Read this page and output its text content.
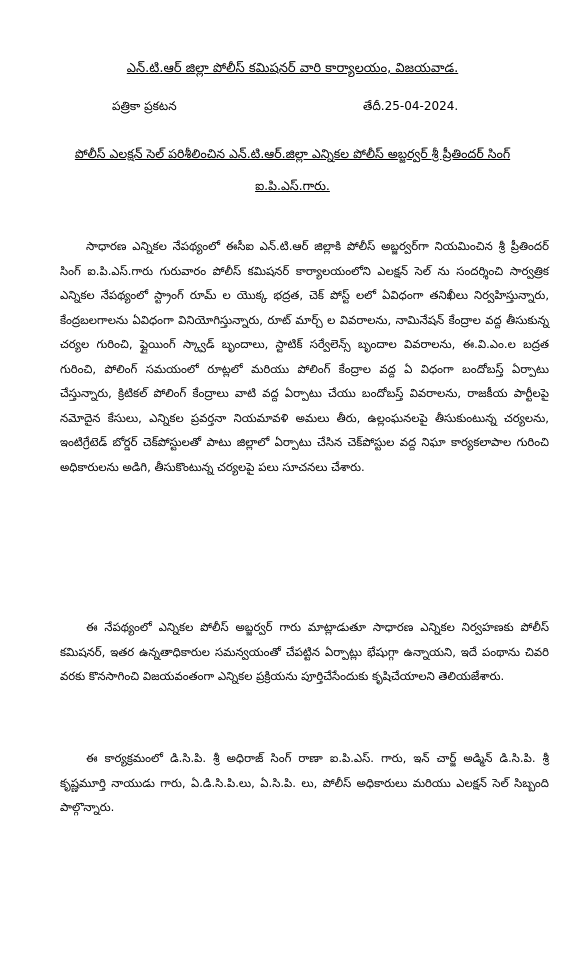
ఎన్.టి.ఆర్ జిల్లా పోలీస్ కమిషనర్ వారి కార్యాలయం, విజయవాడ.
పత్రికా ప్రకటన	తేదీ.25-04-2024.
పోలీస్ ఎలక్షన్ సెల్ పరిశీలించిన ఎన్.టి.ఆర్.జిల్లా ఎన్నికల పోలీస్ అబ్జర్వర్ శ్రీ ప్రీతిందర్ సింగ్ ఐ.పి.ఎస్.గారు.

సాధారణ ఎన్నికల నేపథ్యంలో ఈసీఐ ఎన్.టి.ఆర్ జిల్లాకి పోలీస్ అబ్జర్వర్‌గా నియమించిన శ్రీ ప్రీతిందర్ సింగ్ ఐ.పి.ఎస్.గారు గురువారం పోలీస్ కమిషనర్ కార్యాలయంలోని ఎలక్షన్ సెల్ ను సందర్శించి సార్వత్రిక ఎన్నికల నేపథ్యంలో స్ట్రాంగ్ రూమ్ ల యొక్క భద్రత, చెక్ పోస్ట్ లలో ఏవిధంగా తనిఖీలు నిర్వహిస్తున్నారు, కేంద్రబలగాలను ఏవిధంగా వినియోగిస్తున్నారు, రూట్ మార్చ్ ల వివరాలను, నామినేషన్ కేంద్రాల వద్ద తీసుకున్న చర్యల గురించి, ఫ్లైయింగ్ స్క్వాడ్ బృందాలు, స్టాటిక్ సర్వేలెన్స్ బృందాల వివరాలను, ఈ.వి.ఎం.ల బద్రత గురించి, పోలింగ్ సమయంలో రూట్లలో మరియు పోలింగ్ కేంద్రాల వద్ద ఏ విధంగా బందోబస్త్ ఏర్పాటు చేస్తున్నారు, క్రిటికల్ పోలింగ్ కేంద్రాలు వాటి వద్ద ఏర్పాటు చేయు బందోబస్త్ వివరాలను, రాజకీయ పార్టీలపై నమోదైన కేసులు, ఎన్నికల ప్రవర్తనా నియమావళి అమలు తీరు, ఉల్లంఘనలపై తీసుకుంటున్న చర్యలను, ఇంటిగ్రేటెడ్ బోర్డర్ చెక్‌పోస్టులతో పాటు జిల్లాలో ఏర్పాటు చేసిన చెక్‌పోస్టుల వద్ద నిఘా కార్యకలాపాల గురించి అధికారులను అడిగి, తీసుకొంటున్న చర్యలపై పలు సూచనలు చేశారు.

ఈ నేపథ్యంలో ఎన్నికల పోలీస్ అబ్జర్వర్ గారు మాట్లాడుతూ సాధారణ ఎన్నికల నిర్వహణకు పోలీస్ కమిషనర్, ఇతర ఉన్నతాధికారుల సమన్వయంతో చేపట్టిన ఏర్పాట్లు భేషుగ్గా ఉన్నాయని, ఇదే పంథాను చివరి వరకు కొనసాగించి విజయవంతంగా ఎన్నికల ప్రక్రియను పూర్తిచేసేందుకు కృషిచేయాలని తెలియజేశారు.

ఈ కార్యక్రమంలో డి.సి.పి. శ్రీ అధిరాజ్ సింగ్ రాణా ఐ.పి.ఎస్. గారు, ఇన్ చార్జ్ అడ్మిన్ డి.సి.పి. శ్రీ కృష్ణమూర్తి నాయుడు గారు, ఏ.డి.సి.పి.లు, ఏ.సి.పి. లు, పోలీస్ అధికారులు మరియు ఎలక్షన్ సెల్ సిబ్బంది పాల్గొన్నారు.
